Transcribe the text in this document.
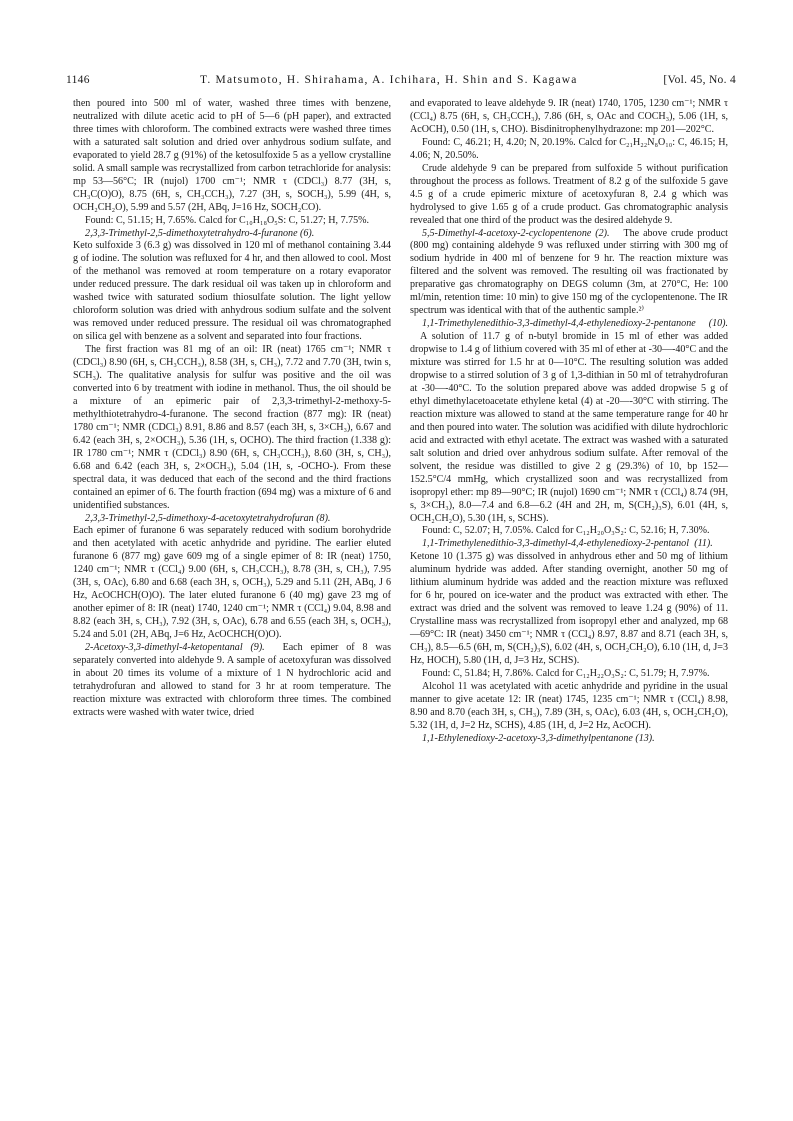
1146	T. Matsumoto, H. Shirahama, A. Ichihara, H. Shin and S. Kagawa	[Vol. 45, No. 4

then poured into 500 ml of water, washed three times with benzene, neutralized with dilute acetic acid to pH of 5—6 (pH paper), and extracted three times with chloroform. The combined extracts were washed three times with a saturated salt solution and dried over anhydrous sodium sulfate, and evaporated to yield 28.7 g (91%) of the ketosulfoxide 5 as a yellow crystalline solid. A small sample was recrystallized from carbon tetrachloride for analysis: mp 53—56°C; IR (nujol) 1700 cm⁻¹; NMR τ (CDCl₃) 8.77 (3H, s, CH₃C(O)O), 8.75 (6H, s, CH₃CCH₃), 7.27 (3H, s, SOCH₃), 5.99 (4H, s, OCH₂CH₂O), 5.99 and 5.57 (2H, ABq, J=16 Hz, SOCH₂CO).

Found: C, 51.15; H, 7.65%. Calcd for C₁₀H₁₈O₅S: C, 51.27; H, 7.75%.

2,3,3-Trimethyl-2,5-dimethoxytetrahydro-4-furanone (6).

Keto sulfoxide 3 (6.3 g) was dissolved in 120 ml of methanol containing 3.44 g of iodine. The solution was refluxed for 4 hr, and then allowed to cool. Most of the methanol was removed at room temperature on a rotary evaporator under reduced pressure. The dark residual oil was taken up in chloroform and washed twice with saturated sodium thiosulfate solution. The light yellow chloroform solution was dried with anhydrous sodium sulfate and the solvent was removed under reduced pressure. The residual oil was chromatographed on silica gel with benzene as a solvent and separated into four fractions.

The first fraction was 81 mg of an oil: IR (neat) 1765 cm⁻¹; NMR τ (CDCl₃) 8.90 (6H, s, CH₃CCH₃), 8.58 (3H, s, CH₃), 7.72 and 7.70 (3H, twin s, SCH₃). The qualitative analysis for sulfur was positive and the oil was converted into 6 by treatment with iodine in methanol. Thus, the oil should be a mixture of an epimeric pair of 2,3,3-trimethyl-2-methoxy-5-methylthiotetrahydro-4-furanone. The second fraction (877 mg): IR (neat) 1780 cm⁻¹; NMR (CDCl₃) 8.91, 8.86 and 8.57 (each 3H, s, 3×CH₃), 6.67 and 6.42 (each 3H, s, 2×OCH₃), 5.36 (1H, s, OCHO). The third fraction (1.338 g): IR 1780 cm⁻¹; NMR τ (CDCl₃) 8.90 (6H, s, CH₃CCH₃), 8.60 (3H, s, CH₃), 6.68 and 6.42 (each 3H, s, 2×OCH₃), 5.04 (1H, s, -OCHO-). From these spectral data, it was deduced that each of the second and the third fractions contained an epimer of 6. The fourth fraction (694 mg) was a mixture of 6 and unidentified substances.

2,3,3-Trimethyl-2,5-dimethoxy-4-acetoxytetrahydrofuran (8).

Each epimer of furanone 6 was separately reduced with sodium borohydride and then acetylated with acetic anhydride and pyridine. The earlier eluted furanone 6 (877 mg) gave 609 mg of a single epimer of 8: IR (neat) 1750, 1240 cm⁻¹; NMR τ (CCl₄) 9.00 (6H, s, CH₃CCH₃), 8.78 (3H, s, CH₃), 7.95 (3H, s, OAc), 6.80 and 6.68 (each 3H, s, OCH₃), 5.29 and 5.11 (2H, ABq, J 6 Hz, AcOCHCH(O)O). The later eluted furanone 6 (40 mg) gave 23 mg of another epimer of 8: IR (neat) 1740, 1240 cm⁻¹; NMR τ (CCl₄) 9.04, 8.98 and 8.82 (each 3H, s, CH₃), 7.92 (3H, s, OAc), 6.78 and 6.55 (each 3H, s, OCH₃), 5.24 and 5.01 (2H, ABq, J=6 Hz, AcOCHCH(O)O).

2-Acetoxy-3,3-dimethyl-4-ketopentanal (9).  Each epimer of 8 was separately converted into aldehyde 9. A sample of acetoxyfuran was dissolved in about 20 times its volume of a mixture of 1 N hydrochloric acid and tetrahydrofuran and allowed to stand for 3 hr at room temperature. The reaction mixture was extracted with chloroform three times. The combined extracts were washed with water twice, dried

and evaporated to leave aldehyde 9. IR (neat) 1740, 1705, 1230 cm⁻¹; NMR τ (CCl₄) 8.75 (6H, s, CH₃CCH₃), 7.86 (6H, s, OAc and COCH₃), 5.06 (1H, s, AcOCH), 0.50 (1H, s, CHO). Bisdinitrophenylhydrazone: mp 201—202°C.

Found: C, 46.21; H, 4.20; N, 20.19%. Calcd for C₂₁H₂₂N₈O₁₀: C, 46.15; H, 4.06; N, 20.50%.

Crude aldehyde 9 can be prepared from sulfoxide 5 without purification throughout the process as follows. Treatment of 8.2 g of the sulfoxide 5 gave 4.5 g of a crude epimeric mixture of acetoxyfuran 8, 2.4 g which was hydrolysed to give 1.65 g of a crude product. Gas chromatographic analysis revealed that one third of the product was the desired aldehyde 9.

5,5-Dimethyl-4-acetoxy-2-cyclopentenone (2).  The above crude product (800 mg) containing aldehyde 9 was refluxed under stirring with 300 mg of sodium hydride in 400 ml of benzene for 9 hr. The reaction mixture was filtered and the solvent was removed. The resulting oil was fractionated by preparative gas chromatography on DEGS column (3m, at 270°C, He: 100 ml/min, retention time: 10 min) to give 150 mg of the cyclopentenone. The IR spectrum was identical with that of the authentic sample.²⁾

1,1-Trimethylenedithio-3,3-dimethyl-4,4-ethylenedioxy-2-pentanone (10).  A solution of 11.7 g of n-butyl bromide in 15 ml of ether was added dropwise to 1.4 g of lithium covered with 35 ml of ether at -30—-40°C and the mixture was stirred for 1.5 hr at 0—10°C. The resulting solution was added dropwise to a stirred solution of 3 g of 1,3-dithian in 50 ml of tetrahydrofuran at -30—-40°C. To the solution prepared above was added dropwise 5 g of ethyl dimethylacetoacetate ethylene ketal (4) at -20—-30°C with stirring. The reaction mixture was allowed to stand at the same temperature range for 40 hr and then poured into water. The solution was acidified with dilute hydrochloric acid and extracted with ethyl acetate. The extract was washed with a saturated salt solution and dried over anhydrous sodium sulfate. After removal of the solvent, the residue was distilled to give 2 g (29.3%) of 10, bp 152—152.5°C/4 mmHg, which crystallized soon and was recrystallized from isopropyl ether: mp 89—90°C; IR (nujol) 1690 cm⁻¹; NMR τ (CCl₄) 8.74 (9H, s, 3×CH₃), 8.0—7.4 and 6.8—6.2 (4H and 2H, m, S(CH₂)₃S), 6.01 (4H, s, OCH₂CH₂O), 5.30 (1H, s, SCHS).

Found: C, 52.07; H, 7.05%. Calcd for C₁₂H₂₀O₃S₂: C, 52.16; H, 7.30%.

1,1-Trimethylenedithio-3,3-dimethyl-4,4-ethylenedioxy-2-pentanol (11).  Ketone 10 (1.375 g) was dissolved in anhydrous ether and 50 mg of lithium aluminum hydride was added. After standing overnight, another 50 mg of lithium aluminum hydride was added and the reaction mixture was refluxed for 6 hr, poured on ice-water and the product was extracted with ether. The extract was dried and the solvent was removed to leave 1.24 g (90%) of 11. Crystalline mass was recrystallized from isopropyl ether and analyzed, mp 68—69°C: IR (neat) 3450 cm⁻¹; NMR τ (CCl₄) 8.97, 8.87 and 8.71 (each 3H, s, CH₃), 8.5—6.5 (6H, m, S(CH₂)₃S), 6.02 (4H, s, OCH₂CH₂O), 6.10 (1H, d, J=3 Hz, HOCH), 5.80 (1H, d, J=3 Hz, SCHS).

Found: C, 51.84; H, 7.86%. Calcd for C₁₂H₂₂O₃S₂: C, 51.79; H, 7.97%.

Alcohol 11 was acetylated with acetic anhydride and pyridine in the usual manner to give acetate 12: IR (neat) 1745, 1235 cm⁻¹; NMR τ (CCl₄) 8.98, 8.90 and 8.70 (each 3H, s, CH₃), 7.89 (3H, s, OAc), 6.03 (4H, s, OCH₂CH₂O), 5.32 (1H, d, J=2 Hz, SCHS), 4.85 (1H, d, J=2 Hz, AcOCH).

1,1-Ethylenedioxy-2-acetoxy-3,3-dimethylpentanone (13).
